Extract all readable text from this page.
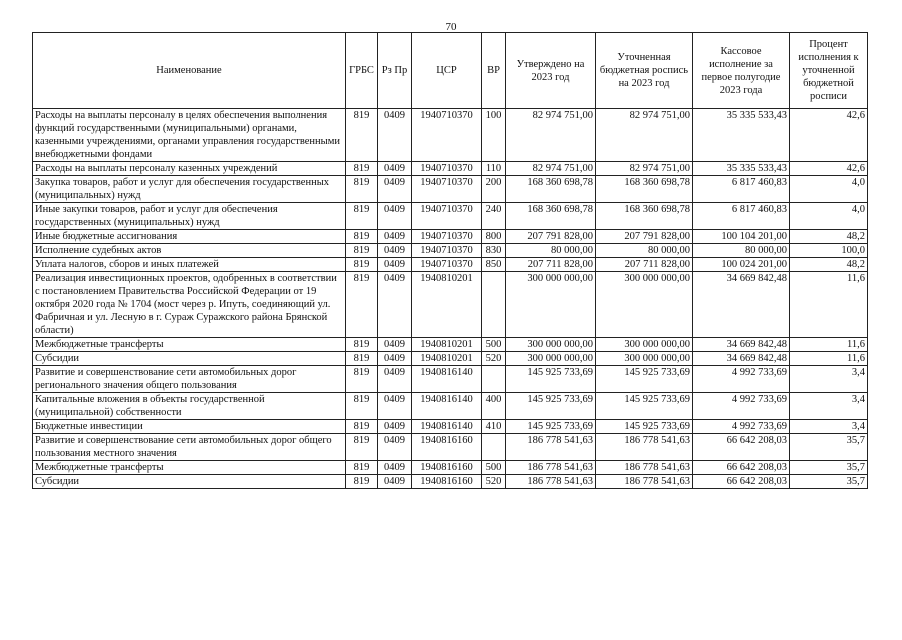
70
Наименование	ГРБС	Рз Пр	ЦСР	ВР	Утверждено на 2023 год	Уточненная бюджетная роспись на 2023 год	Кассовое исполнение за первое полугодие 2023 года	Процент исполнения к уточненной бюджетной росписи
Расходы на выплаты персоналу в целях обеспечения выполнения функций государственными (муниципальными) органами, казенными учреждениями, органами управления государственными внебюджетными фондами	819	0409	1940710370	100	82 974 751,00	82 974 751,00	35 335 533,43	42,6
Расходы на выплаты персоналу казенных учреждений	819	0409	1940710370	110	82 974 751,00	82 974 751,00	35 335 533,43	42,6
Закупка товаров, работ и услуг для обеспечения государственных (муниципальных) нужд	819	0409	1940710370	200	168 360 698,78	168 360 698,78	6 817 460,83	4,0
Иные закупки товаров, работ и услуг для обеспечения государственных (муниципальных) нужд	819	0409	1940710370	240	168 360 698,78	168 360 698,78	6 817 460,83	4,0
Иные бюджетные ассигнования	819	0409	1940710370	800	207 791 828,00	207 791 828,00	100 104 201,00	48,2
Исполнение судебных актов	819	0409	1940710370	830	80 000,00	80 000,00	80 000,00	100,0
Уплата налогов, сборов и иных платежей	819	0409	1940710370	850	207 711 828,00	207 711 828,00	100 024 201,00	48,2
Реализация инвестиционных проектов, одобренных в соответствии с постановлением Правительства Российской Федерации от 19 октября 2020 года № 1704 (мост через р. Ипуть, соединяющий ул. Фабричная и ул. Лесную в г. Сураж Суражского района Брянской области)	819	0409	1940810201		300 000 000,00	300 000 000,00	34 669 842,48	11,6
Межбюджетные трансферты	819	0409	1940810201	500	300 000 000,00	300 000 000,00	34 669 842,48	11,6
Субсидии	819	0409	1940810201	520	300 000 000,00	300 000 000,00	34 669 842,48	11,6
Развитие и совершенствование сети автомобильных дорог регионального значения общего пользования	819	0409	1940816140		145 925 733,69	145 925 733,69	4 992 733,69	3,4
Капитальные вложения в объекты государственной (муниципальной) собственности	819	0409	1940816140	400	145 925 733,69	145 925 733,69	4 992 733,69	3,4
Бюджетные инвестиции	819	0409	1940816140	410	145 925 733,69	145 925 733,69	4 992 733,69	3,4
Развитие и совершенствование сети автомобильных дорог общего пользования местного значения	819	0409	1940816160		186 778 541,63	186 778 541,63	66 642 208,03	35,7
Межбюджетные трансферты	819	0409	1940816160	500	186 778 541,63	186 778 541,63	66 642 208,03	35,7
Субсидии	819	0409	1940816160	520	186 778 541,63	186 778 541,63	66 642 208,03	35,7
